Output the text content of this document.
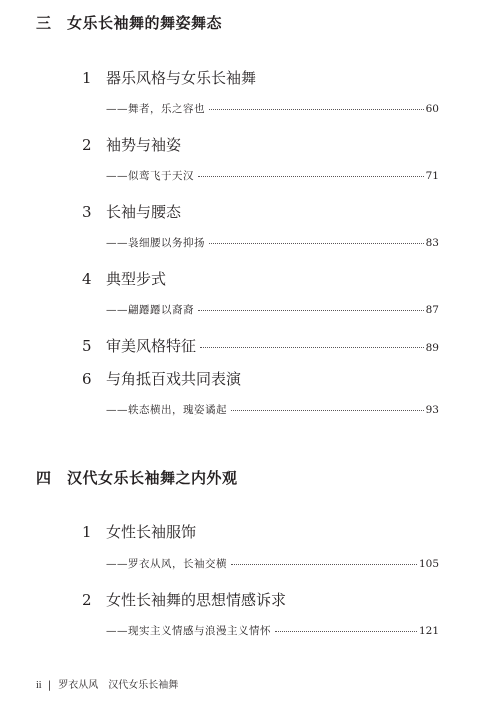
三 女乐长袖舞的舞姿舞态
1 器乐风格与女乐长袖舞
——舞者，乐之容也	60
2 袖势与袖姿
——似鸾飞于天汉	71
3 长袖与腰态
——袅细腰以务抑扬	83
4 典型步式
——翩蹮蹮以裔裔	87
5 审美风格特征	89
6 与角抵百戏共同表演
——轶态横出，瑰姿谲起	93
四 汉代女乐长袖舞之内外观
1 女性长袖服饰
——罗衣从风，长袖交横	105
2 女性长袖舞的思想情感诉求
——现实主义情感与浪漫主义情怀	121
ii | 罗衣从风　汉代女乐长袖舞
